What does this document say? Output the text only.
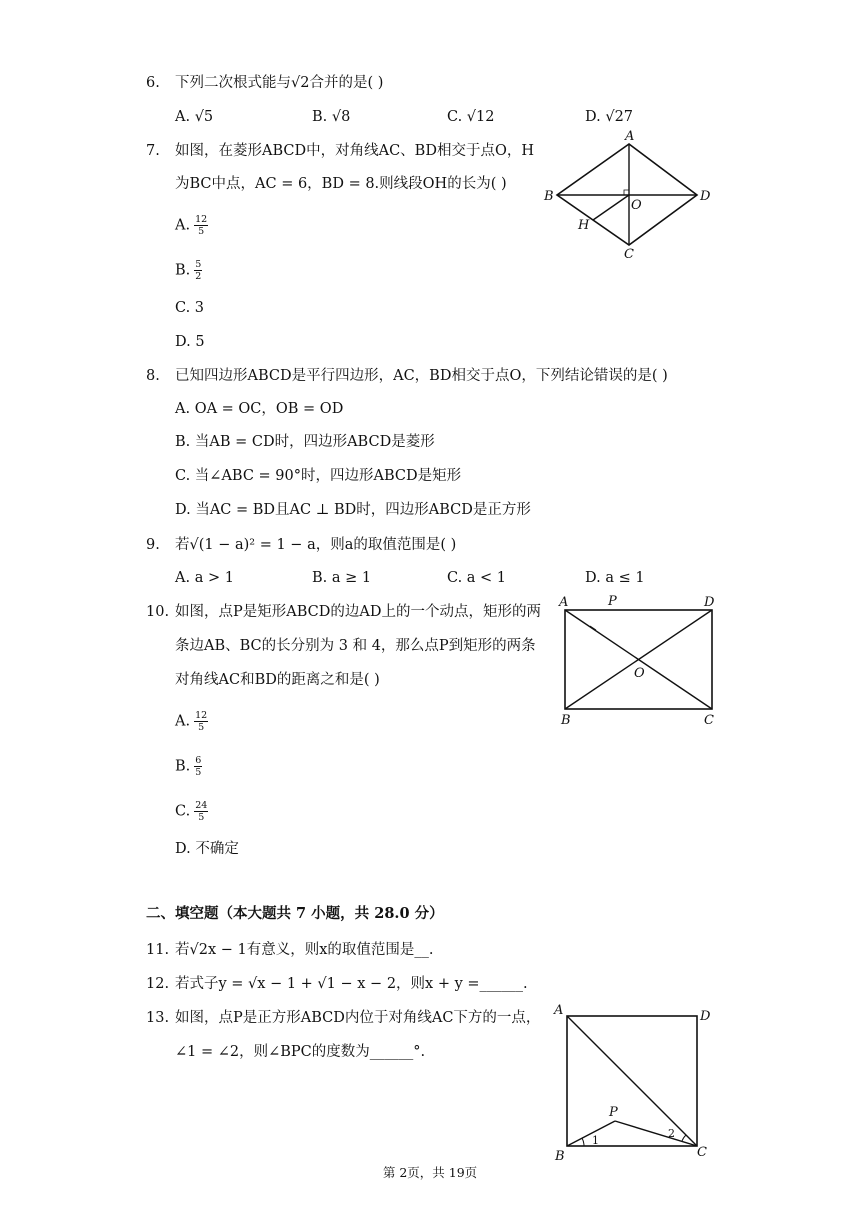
6. 下列二次根式能与√2合并的是( )
A. √5	B. √8	C. √12	D. √27
7. 如图，在菱形ABCD中，对角线AC、BD相交于点O，H
为BC中点，AC = 6，BD = 8.则线段OH的长为( )
A. $\frac{12}{5}$
B. $\frac{5}{2}$
C. 3
D. 5
A
B
C
D
O
H
8. 已知四边形ABCD是平行四边形，AC，BD相交于点O，下列结论错误的是( )
A. OA = OC，OB = OD
B. 当AB = CD时，四边形ABCD是菱形
C. 当∠ABC = 90°时，四边形ABCD是矩形
D. 当AC = BD且AC ⊥ BD时，四边形ABCD是正方形
9. 若√(1 − a)² = 1 − a，则a的取值范围是( )
A. a > 1	B. a ≥ 1	C. a < 1	D. a ≤ 1
10. 如图，点P是矩形ABCD的边AD上的一个动点，矩形的两
条边AB、BC的长分别为 3 和 4，那么点P到矩形的两条
对角线AC和BD的距离之和是( )
A. $\frac{12}{5}$
B. $\frac{6}{5}$
C. $\frac{24}{5}$
D. 不确定
A	P	D
O
B	C
二、填空题（本大题共 7 小题，共 28.0 分）
11. 若√2x − 1有意义，则x的取值范围是__.
12. 若式子y = √x − 1 + √1 − x − 2，则x + y =______.
13. 如图，点P是正方形ABCD内位于对角线AC下方的一点，
∠1 = ∠2，则∠BPC的度数为______°.
A	D
P
B	C
1
2
第 2页，共 19页
